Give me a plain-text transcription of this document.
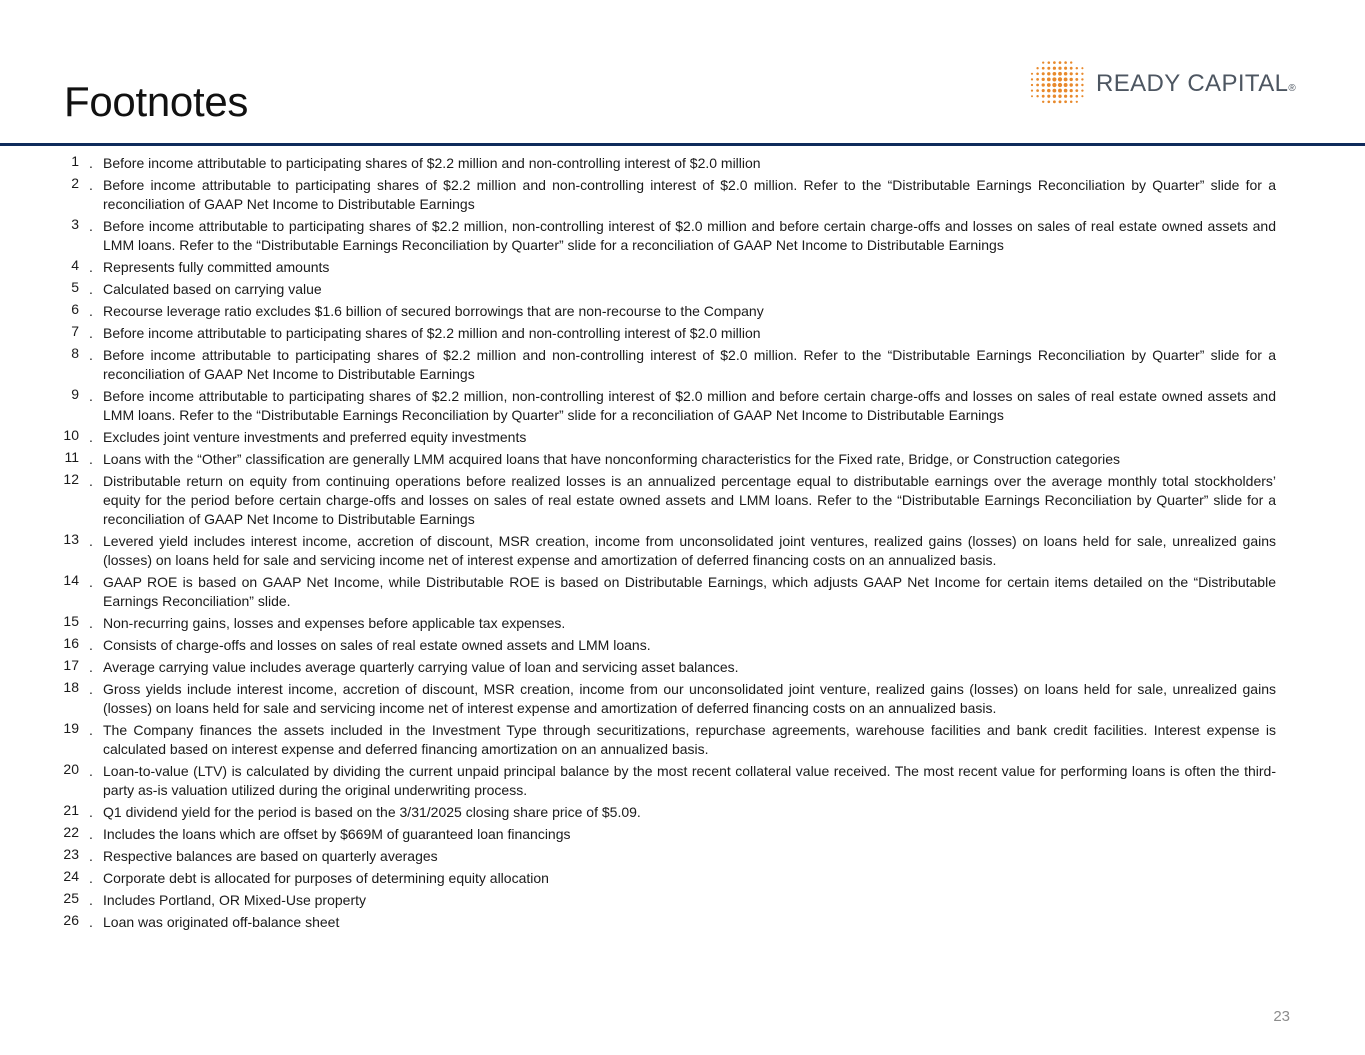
Footnotes	READY CAPITAL®
1 . Before income attributable to participating shares of $2.2 million and non-controlling interest of $2.0 million
2 . Before income attributable to participating shares of $2.2 million and non-controlling interest of $2.0 million. Refer to the “Distributable Earnings Reconciliation by Quarter” slide for a reconciliation of GAAP Net Income to Distributable Earnings
3 . Before income attributable to participating shares of $2.2 million, non-controlling interest of $2.0 million and before certain charge-offs and losses on sales of real estate owned assets and LMM loans. Refer to the “Distributable Earnings Reconciliation by Quarter” slide for a reconciliation of GAAP Net Income to Distributable Earnings
4 . Represents fully committed amounts
5 . Calculated based on carrying value
6 . Recourse leverage ratio excludes $1.6 billion of secured borrowings that are non-recourse to the Company
7 . Before income attributable to participating shares of $2.2 million and non-controlling interest of $2.0 million
8 . Before income attributable to participating shares of $2.2 million and non-controlling interest of $2.0 million. Refer to the “Distributable Earnings Reconciliation by Quarter” slide for a reconciliation of GAAP Net Income to Distributable Earnings
9 . Before income attributable to participating shares of $2.2 million, non-controlling interest of $2.0 million and before certain charge-offs and losses on sales of real estate owned assets and LMM loans. Refer to the “Distributable Earnings Reconciliation by Quarter” slide for a reconciliation of GAAP Net Income to Distributable Earnings
10 . Excludes joint venture investments and preferred equity investments
11 . Loans with the “Other” classification are generally LMM acquired loans that have nonconforming characteristics for the Fixed rate, Bridge, or Construction categories
12 . Distributable return on equity from continuing operations before realized losses is an annualized percentage equal to distributable earnings over the average monthly total stockholders’ equity for the period before certain charge-offs and losses on sales of real estate owned assets and LMM loans. Refer to the “Distributable Earnings Reconciliation by Quarter” slide for a reconciliation of GAAP Net Income to Distributable Earnings
13 . Levered yield includes interest income, accretion of discount, MSR creation, income from unconsolidated joint ventures, realized gains (losses) on loans held for sale, unrealized gains (losses) on loans held for sale and servicing income net of interest expense and amortization of deferred financing costs on an annualized basis.
14 . GAAP ROE is based on GAAP Net Income, while Distributable ROE is based on Distributable Earnings, which adjusts GAAP Net Income for certain items detailed on the “Distributable Earnings Reconciliation” slide.
15 . Non-recurring gains, losses and expenses before applicable tax expenses.
16 . Consists of charge-offs and losses on sales of real estate owned assets and LMM loans.
17 . Average carrying value includes average quarterly carrying value of loan and servicing asset balances.
18 . Gross yields include interest income, accretion of discount, MSR creation, income from our unconsolidated joint venture, realized gains (losses) on loans held for sale, unrealized gains (losses) on loans held for sale and servicing income net of interest expense and amortization of deferred financing costs on an annualized basis.
19 . The Company finances the assets included in the Investment Type through securitizations, repurchase agreements, warehouse facilities and bank credit facilities. Interest expense is calculated based on interest expense and deferred financing amortization on an annualized basis.
20 . Loan-to-value (LTV) is calculated by dividing the current unpaid principal balance by the most recent collateral value received. The most recent value for performing loans is often the third-party as-is valuation utilized during the original underwriting process.
21 . Q1 dividend yield for the period is based on the 3/31/2025 closing share price of $5.09.
22 . Includes the loans which are offset by $669M of guaranteed loan financings
23 . Respective balances are based on quarterly averages
24 . Corporate debt is allocated for purposes of determining equity allocation
25 . Includes Portland, OR Mixed-Use property
26 . Loan was originated off-balance sheet
23
